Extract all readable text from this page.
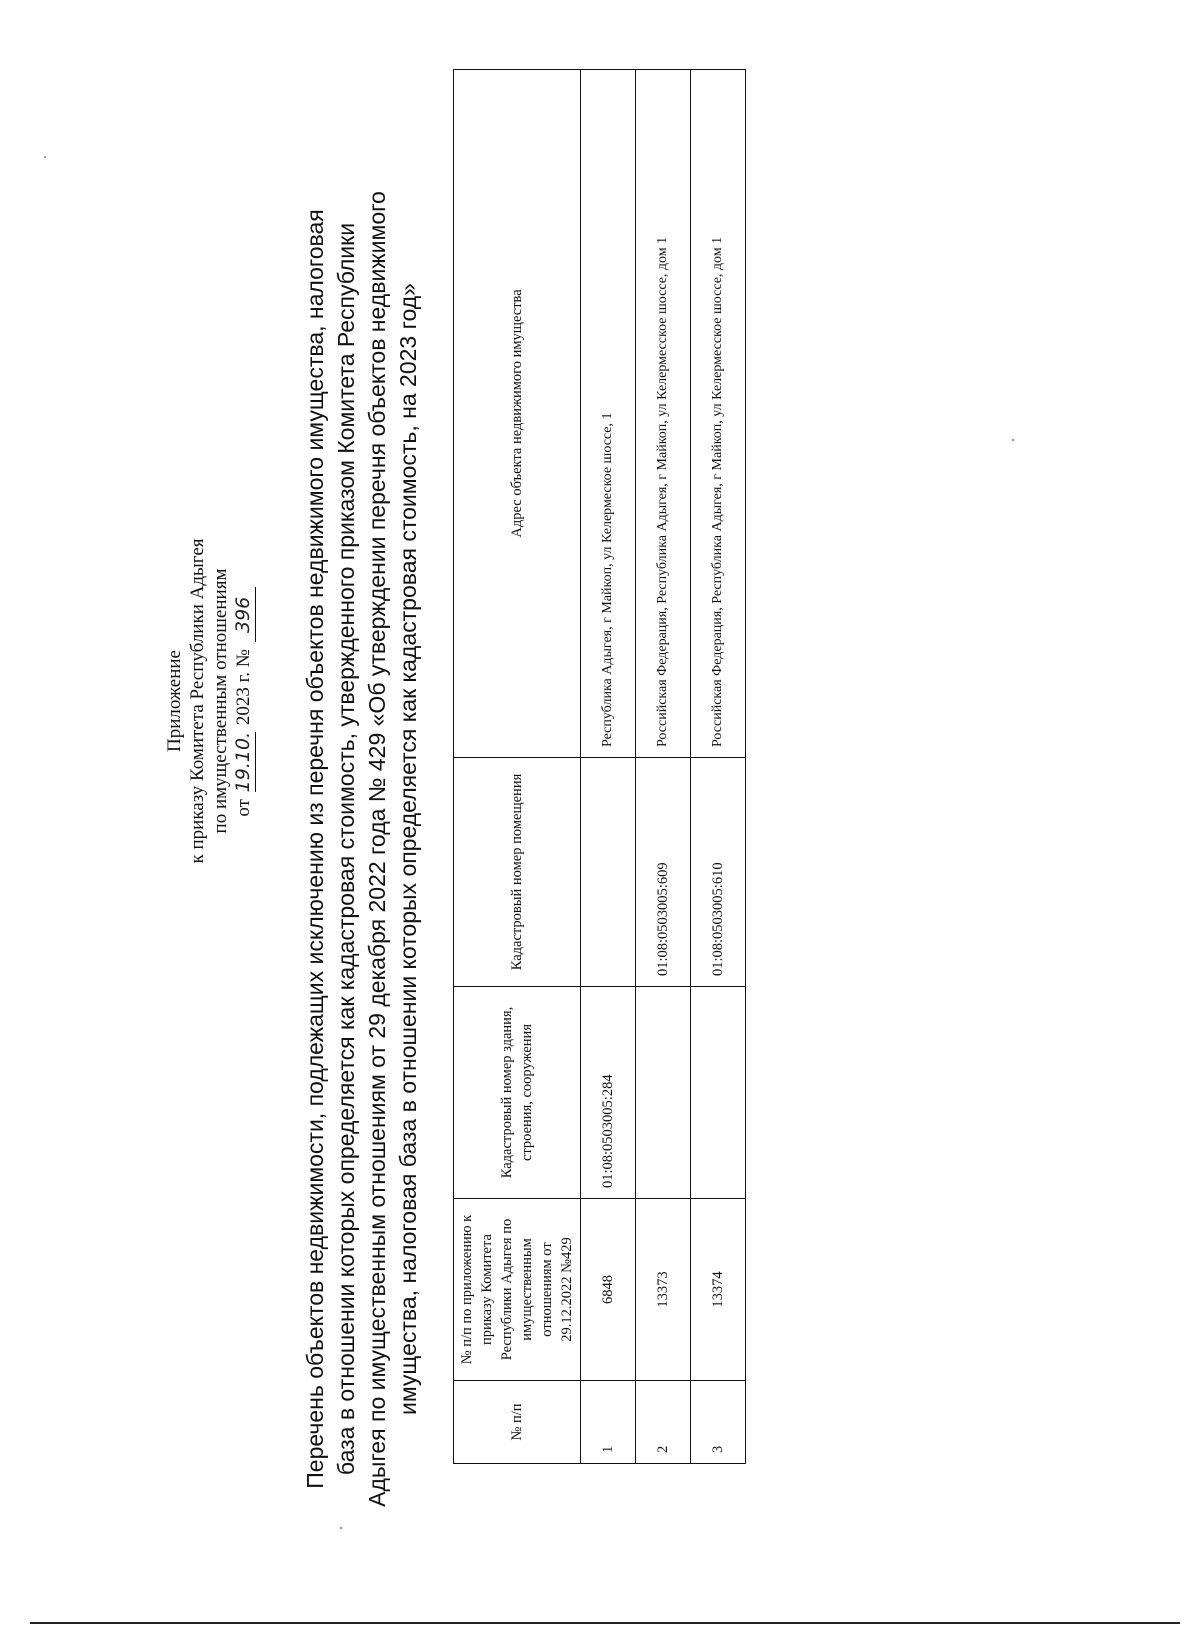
Приложение к приказу Комитета Республики Адыгея по имущественным отношениям от 19.10. 2023 г. № 396 Перечень объектов недвижимости, подлежащих исключению из перечня объектов недвижимого имущества, налоговая база в отношении которых определяется как кадастровая стоимость, утвержденного приказом Комитета Республики Адыгея по имущественным отношениям от 29 декабря 2022 года № 429 «Об утверждении перечня объектов недвижимого имущества, налоговая база в отношении которых определяется как кадастровая стоимость, на 2023 год»
№ п/п	№ п/п по приложению к приказу Комитета Республики Адыгея по имущественным отношениям от 29.12.2022 №429	Кадастровый номер здания, строения, сооружения	Кадастровый номер помещения	Адрес объекта недвижимого имущества
1	6848	01:08:0503005:284		Республика Адыгея, г Майкоп, ул Келермеское шоссе, 1
2	13373		01:08:0503005:609	Российская Федерация, Республика Адыгея, г Майкоп, ул Келермесское шоссе, дом 1
3	13374		01:08:0503005:610	Российская Федерация, Республика Адыгея, г Майкоп, ул Келермесское шоссе, дом 1
